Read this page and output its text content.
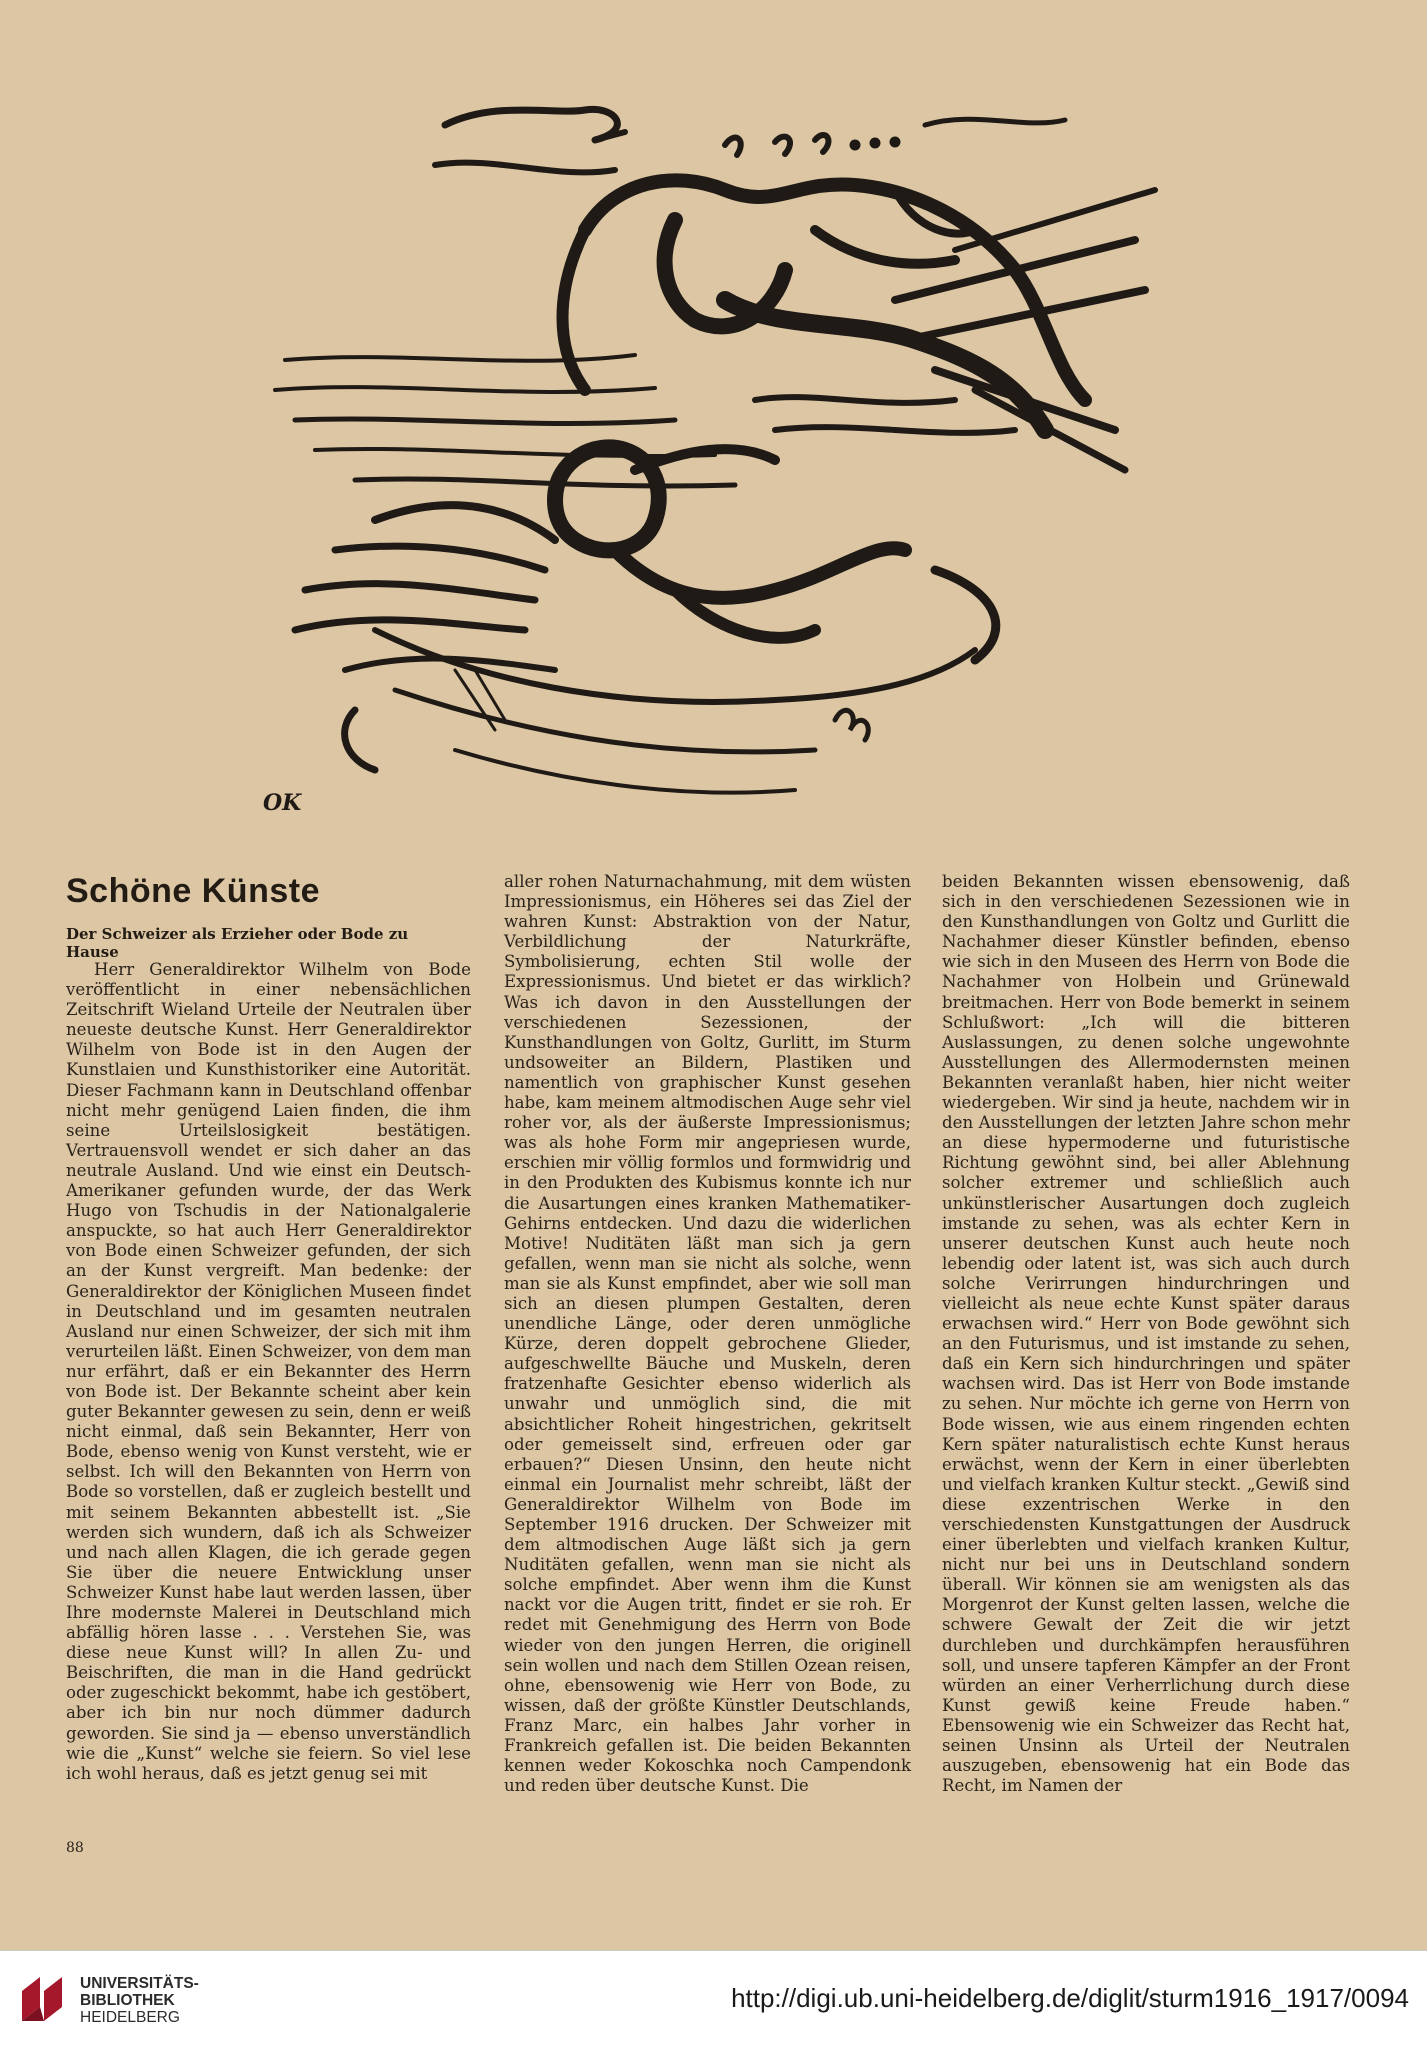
OK
Schöne Künste
Der Schweizer als Erzieher oder Bode zu Hause

Herr Generaldirektor Wilhelm von Bode veröffentlicht in einer nebensächlichen Zeitschrift Wieland Urteile der Neutralen über neueste deutsche Kunst. Herr Generaldirektor Wilhelm von Bode ist in den Augen der Kunstlaien und Kunsthistoriker eine Autorität. Dieser Fachmann kann in Deutschland offenbar nicht mehr genügend Laien finden, die ihm seine Urteilslosigkeit bestätigen. Vertrauensvoll wendet er sich daher an das neutrale Ausland. Und wie einst ein Deutsch-Amerikaner gefunden wurde, der das Werk Hugo von Tschudis in der Nationalgalerie anspuckte, so hat auch Herr Generaldirektor von Bode einen Schweizer gefunden, der sich an der Kunst vergreift. Man bedenke: der Generaldirektor der Königlichen Museen findet in Deutschland und im gesamten neutralen Ausland nur einen Schweizer, der sich mit ihm verurteilen läßt. Einen Schweizer, von dem man nur erfährt, daß er ein Bekannter des Herrn von Bode ist. Der Bekannte scheint aber kein guter Bekannter gewesen zu sein, denn er weiß nicht einmal, daß sein Bekannter, Herr von Bode, ebenso wenig von Kunst versteht, wie er selbst. Ich will den Bekannten von Herrn von Bode so vorstellen, daß er zugleich bestellt und mit seinem Bekannten abbestellt ist. „Sie werden sich wundern, daß ich als Schweizer und nach allen Klagen, die ich gerade gegen Sie über die neuere Entwicklung unser Schweizer Kunst habe laut werden lassen, über Ihre modernste Malerei in Deutschland mich abfällig hören lasse . . . Verstehen Sie, was diese neue Kunst will? In allen Zu- und Beischriften, die man in die Hand gedrückt oder zugeschickt bekommt, habe ich gestöbert, aber ich bin nur noch dümmer dadurch geworden. Sie sind ja — ebenso unverständlich wie die „Kunst“ welche sie feiern. So viel lese ich wohl heraus, daß es jetzt genug sei mit

aller rohen Naturnachahmung, mit dem wüsten Impressionismus, ein Höheres sei das Ziel der wahren Kunst: Abstraktion von der Natur, Verbildlichung der Naturkräfte, Symbolisierung, echten Stil wolle der Expressionismus. Und bietet er das wirklich? Was ich davon in den Ausstellungen der verschiedenen Sezessionen, der Kunsthandlungen von Goltz, Gurlitt, im Sturm undsoweiter an Bildern, Plastiken und namentlich von graphischer Kunst gesehen habe, kam meinem altmodischen Auge sehr viel roher vor, als der äußerste Impressionismus; was als hohe Form mir angepriesen wurde, erschien mir völlig formlos und formwidrig und in den Produkten des Kubismus konnte ich nur die Ausartungen eines kranken Mathematiker-Gehirns entdecken. Und dazu die widerlichen Motive! Nuditäten läßt man sich ja gern gefallen, wenn man sie nicht als solche, wenn man sie als Kunst empfindet, aber wie soll man sich an diesen plumpen Gestalten, deren unendliche Länge, oder deren unmögliche Kürze, deren doppelt gebrochene Glieder, aufgeschwellte Bäuche und Muskeln, deren fratzenhafte Gesichter ebenso widerlich als unwahr und unmöglich sind, die mit absichtlicher Roheit hingestrichen, gekritselt oder gemeisselt sind, erfreuen oder gar erbauen?“ Diesen Unsinn, den heute nicht einmal ein Journalist mehr schreibt, läßt der Generaldirektor Wilhelm von Bode im September 1916 drucken. Der Schweizer mit dem altmodischen Auge läßt sich ja gern Nuditäten gefallen, wenn man sie nicht als solche empfindet. Aber wenn ihm die Kunst nackt vor die Augen tritt, findet er sie roh. Er redet mit Genehmigung des Herrn von Bode wieder von den jungen Herren, die originell sein wollen und nach dem Stillen Ozean reisen, ohne, ebensowenig wie Herr von Bode, zu wissen, daß der größte Künstler Deutschlands, Franz Marc, ein halbes Jahr vorher in Frankreich gefallen ist. Die beiden Bekannten kennen weder Kokoschka noch Campendonk und reden über deutsche Kunst. Die

beiden Bekannten wissen ebensowenig, daß sich in den verschiedenen Sezessionen wie in den Kunsthandlungen von Goltz und Gurlitt die Nachahmer dieser Künstler befinden, ebenso wie sich in den Museen des Herrn von Bode die Nachahmer von Holbein und Grünewald breitmachen. Herr von Bode bemerkt in seinem Schlußwort: „Ich will die bitteren Auslassungen, zu denen solche ungewohnte Ausstellungen des Allermodernsten meinen Bekannten veranlaßt haben, hier nicht weiter wiedergeben. Wir sind ja heute, nachdem wir in den Ausstellungen der letzten Jahre schon mehr an diese hypermoderne und futuristische Richtung gewöhnt sind, bei aller Ablehnung solcher extremer und schließlich auch unkünstlerischer Ausartungen doch zugleich imstande zu sehen, was als echter Kern in unserer deutschen Kunst auch heute noch lebendig oder latent ist, was sich auch durch solche Verirrungen hindurchringen und vielleicht als neue echte Kunst später daraus erwachsen wird.“ Herr von Bode gewöhnt sich an den Futurismus, und ist imstande zu sehen, daß ein Kern sich hindurchringen und später wachsen wird. Das ist Herr von Bode imstande zu sehen. Nur möchte ich gerne von Herrn von Bode wissen, wie aus einem ringenden echten Kern später naturalistisch echte Kunst heraus erwächst, wenn der Kern in einer überlebten und vielfach kranken Kultur steckt. „Gewiß sind diese exzentrischen Werke in den verschiedensten Kunstgattungen der Ausdruck einer überlebten und vielfach kranken Kultur, nicht nur bei uns in Deutschland sondern überall. Wir können sie am wenigsten als das Morgenrot der Kunst gelten lassen, welche die schwere Gewalt der Zeit die wir jetzt durchleben und durchkämpfen herausführen soll, und unsere tapferen Kämpfer an der Front würden an einer Verherrlichung durch diese Kunst gewiß keine Freude haben.“ Ebensowenig wie ein Schweizer das Recht hat, seinen Unsinn als Urteil der Neutralen auszugeben, ebensowenig hat ein Bode das Recht, im Namen der

88
UNIVERSITÄTS-
BIBLIOTHEK
HEIDELBERG
http://digi.ub.uni-heidelberg.de/diglit/sturm1916_1917/0094
